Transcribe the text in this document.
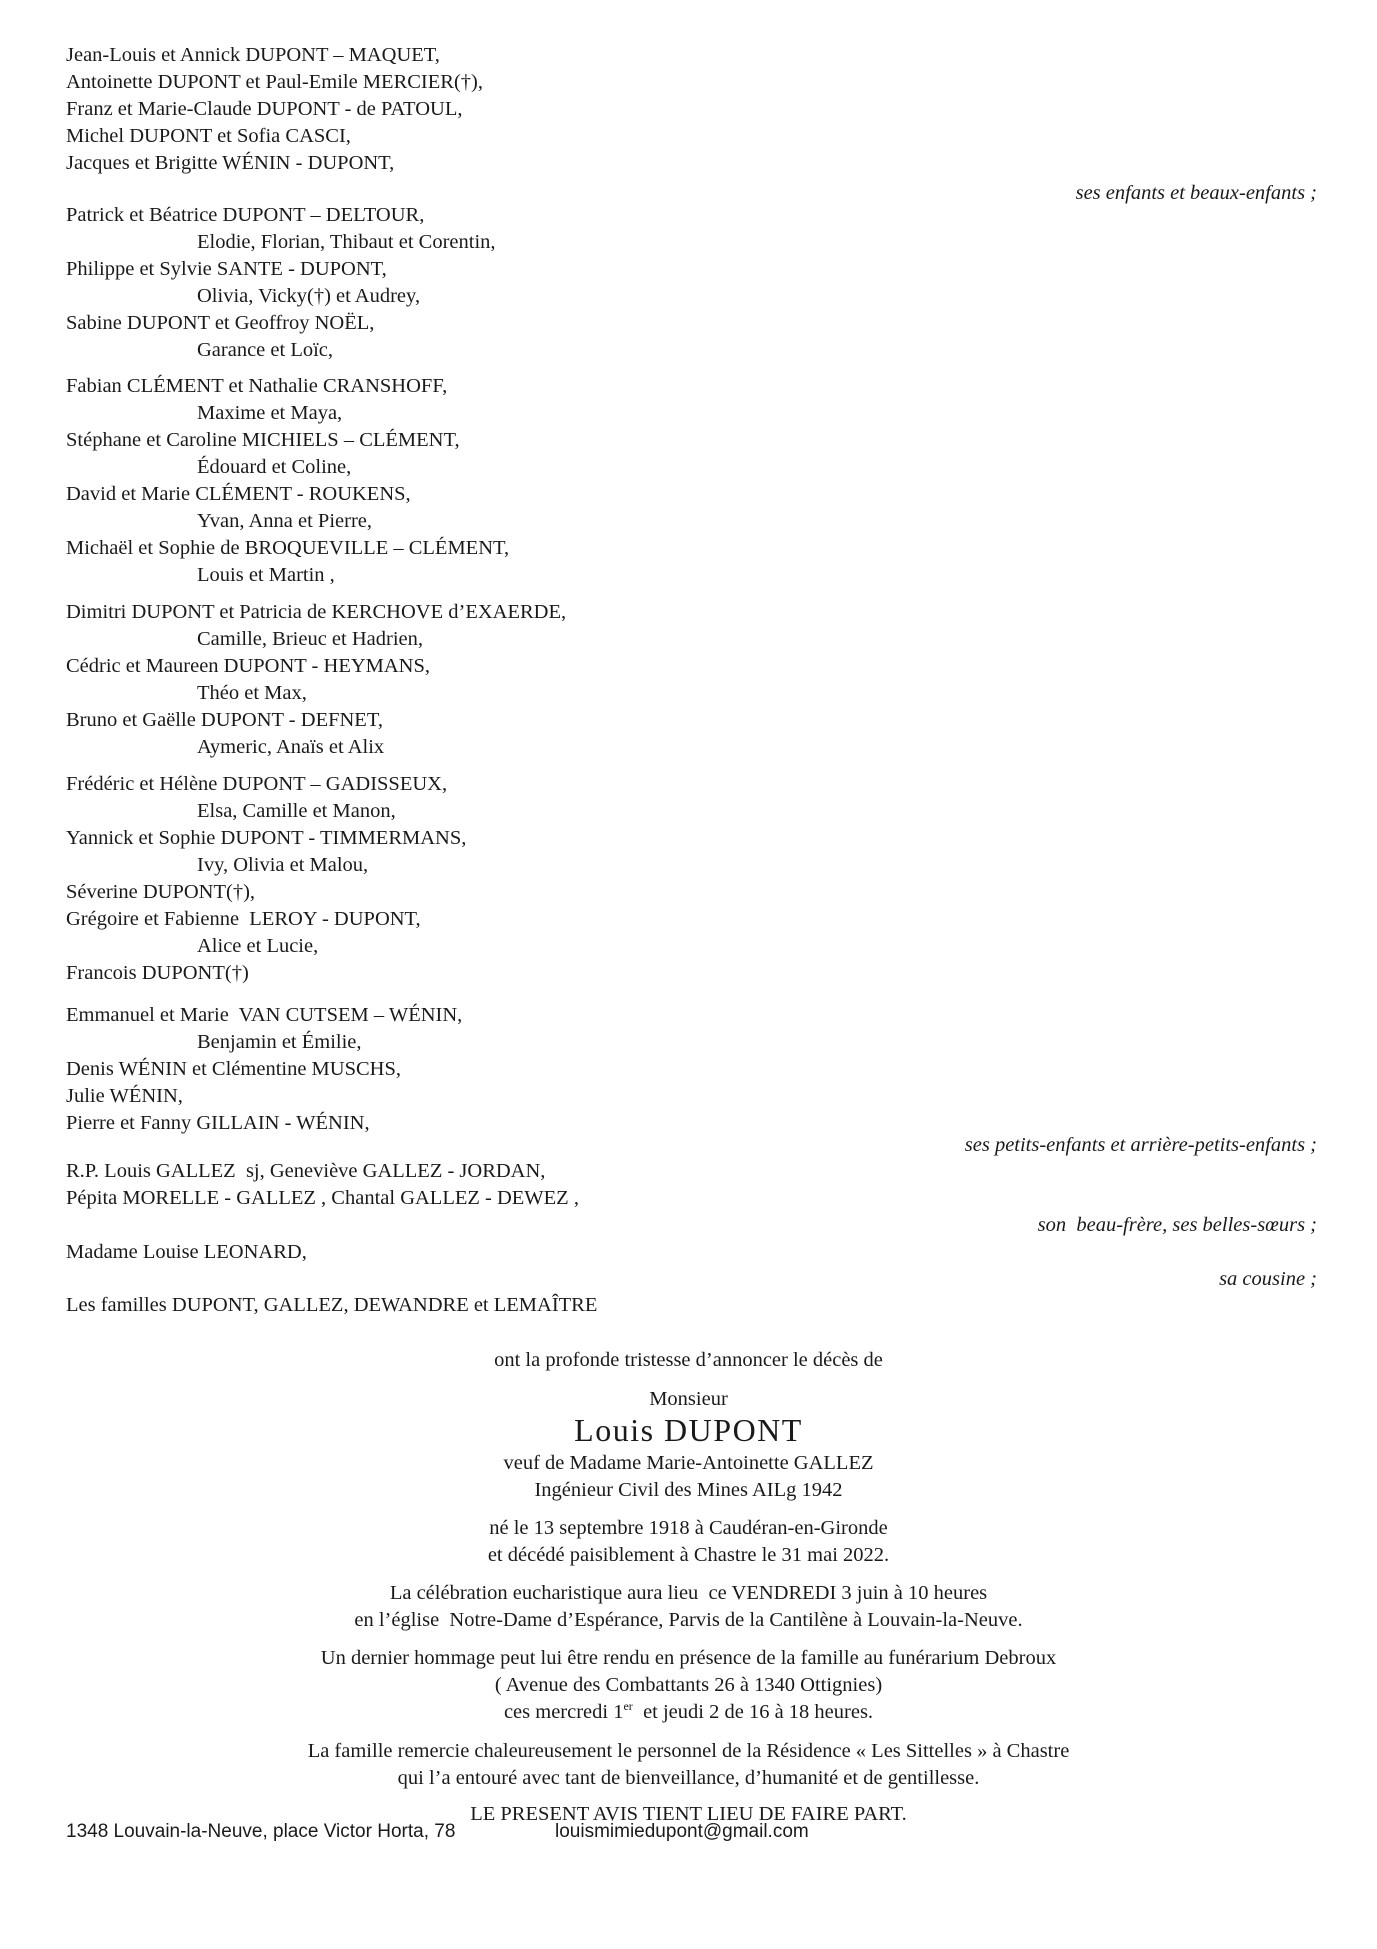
Jean-Louis et Annick DUPONT – MAQUET,
Antoinette DUPONT et Paul-Emile MERCIER(†),
Franz et Marie-Claude DUPONT - de PATOUL,
Michel DUPONT et Sofia CASCI,
Jacques et Brigitte WÉNIN - DUPONT,
Patrick et Béatrice DUPONT – DELTOUR,
Elodie, Florian, Thibaut et Corentin,
Philippe et Sylvie SANTE - DUPONT,
Olivia, Vicky(†) et Audrey,
Sabine DUPONT et Geoffroy NOËL,
Garance et Loïc,
Fabian CLÉMENT et Nathalie CRANSHOFF,
Maxime et Maya,
Stéphane et Caroline MICHIELS – CLÉMENT,
Édouard et Coline,
David et Marie CLÉMENT - ROUKENS,
Yvan, Anna et Pierre,
Michaël et Sophie de BROQUEVILLE – CLÉMENT,
Louis et Martin ,
Dimitri DUPONT et Patricia de KERCHOVE d’EXAERDE,
Camille, Brieuc et Hadrien,
Cédric et Maureen DUPONT - HEYMANS,
Théo et Max,
Bruno et Gaëlle DUPONT - DEFNET,
Aymeric, Anaïs et Alix
Frédéric et Hélène DUPONT – GADISSEUX,
Elsa, Camille et Manon,
Yannick et Sophie DUPONT - TIMMERMANS,
Ivy, Olivia et Malou,
Séverine DUPONT(†),
Grégoire et Fabienne  LEROY - DUPONT,
Alice et Lucie,
Francois DUPONT(†)
Emmanuel et Marie  VAN CUTSEM – WÉNIN,
Benjamin et Émilie,
Denis WÉNIN et Clémentine MUSCHS,
Julie WÉNIN,
Pierre et Fanny GILLAIN - WÉNIN,
R.P. Louis GALLEZ  sj, Geneviève GALLEZ - JORDAN,
Pépita MORELLE - GALLEZ , Chantal GALLEZ - DEWEZ ,
Madame Louise LEONARD,
Les familles DUPONT, GALLEZ, DEWANDRE et LEMAÎTRE
ses enfants et beaux-enfants ;
ses petits-enfants et arrière-petits-enfants ;
son  beau-frère, ses belles-sœurs ;
sa cousine ;
ont la profonde tristesse d’annoncer le décès de
Monsieur
Louis DUPONT
veuf de Madame Marie-Antoinette GALLEZ
Ingénieur Civil des Mines AILg 1942
né le 13 septembre 1918 à Caudéran-en-Gironde
et décédé paisiblement à Chastre le 31 mai 2022.
La célébration eucharistique aura lieu  ce VENDREDI 3 juin à 10 heures
en l’église  Notre-Dame d’Espérance, Parvis de la Cantilène à Louvain-la-Neuve.
Un dernier hommage peut lui être rendu en présence de la famille au funérarium Debroux
( Avenue des Combattants 26 à 1340 Ottignies)
ces mercredi 1er  et jeudi 2 de 16 à 18 heures.
La famille remercie chaleureusement le personnel de la Résidence « Les Sittelles » à Chastre
qui l’a entouré avec tant de bienveillance, d’humanité et de gentillesse.
LE PRESENT AVIS TIENT LIEU DE FAIRE PART.
1348 Louvain-la-Neuve, place Victor Horta, 78	louismimiedupont@gmail.com
